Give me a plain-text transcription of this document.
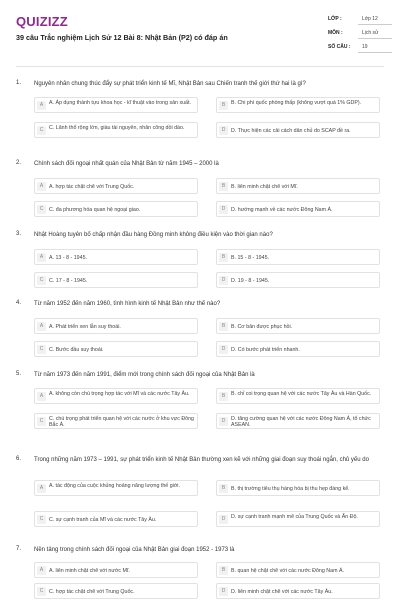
QUIZIZZ
39 câu Trắc nghiệm Lịch Sử 12 Bài 8: Nhật Bản (P2) có đáp án
LỚP :	Lớp 12
MÔN :	Lịch sử
SỐ CÂU : 19
1. Nguyên nhân chung thúc đẩy sự phát triển kinh tế Mĩ, Nhật Bản sau Chiến tranh thế giới thứ hai là gì?
A	A. Áp dụng thành tựu khoa học - kĩ thuật vào trong sản xuất.	B	B. Chi phí quốc phòng thấp (không vượt quá 1% GDP).
C	C. Lãnh thổ rộng lớn, giàu tài nguyên, nhân công dồi dào.	D	D. Thực hiện các cải cách dân chủ do SCAP đề ra.
2. Chính sách đối ngoại nhất quán của Nhật Bản từ năm 1945 – 2000 là
A	A. hợp tác chặt chẽ với Trung Quốc.	B	B. liên minh chặt chẽ với Mĩ.
C	C. đa phương hóa quan hệ ngoại giao.	D	D. hướng mạnh về các nước Đông Nam Á.
3. Nhật Hoàng tuyên bố chấp nhận đầu hàng Đồng minh không điều kiện vào thời gian nào?
A	A. 13 - 8 - 1945.	B	B. 15 - 8 - 1945.
C	C. 17 - 8 - 1945.	D	D. 19 - 8 - 1945.
4. Từ năm 1952 đến năm 1960, tình hình kinh tế Nhật Bản như thế nào?
A	A. Phát triển xen lẫn suy thoái.	B	B. Cơ bản được phục hồi.
C	C. Bước đầu suy thoái.	D	D. Có bước phát triển nhanh.
5. Từ năm 1973 đến năm 1991, điểm mới trong chính sách đối ngoại của Nhật Bản là
A	A. không còn chú trọng hợp tác với Mĩ và các nước Tây Âu.	B	B. chỉ coi trọng quan hệ với các nước Tây Âu và Hàn Quốc.
C	C. chú trọng phát triển quan hệ với các nước ở khu vực Đông Bắc Á.
D	D. tăng cường quan hệ với các nước Đông Nam Á, tổ chức ASEAN.
6. Trong những năm 1973 – 1991, sự phát triển kinh tế Nhật Bản thường xen kẽ với những giai đoạn suy thoái ngắn, chủ yếu do
A	A. tác động của cuộc khủng hoảng năng lượng thế giới.	B	B. thị trường tiêu thụ hàng hóa bị thu hẹp đáng kể.
C	C. sự cạnh tranh của Mĩ và các nước Tây Âu.	D	D. sự cạnh tranh mạnh mẽ của Trung Quốc và Ấn Độ.
7. Nền tảng trong chính sách đối ngoại của Nhật Bản giai đoạn 1952 - 1973 là
A	A. liên minh chặt chẽ với nước Mĩ.	B	B. quan hệ chặt chẽ với các nước Đông Nam Á.
C	C. hợp tác chặt chẽ với Trung Quốc.	D	D. liên minh chặt chẽ với các nước Tây Âu.
